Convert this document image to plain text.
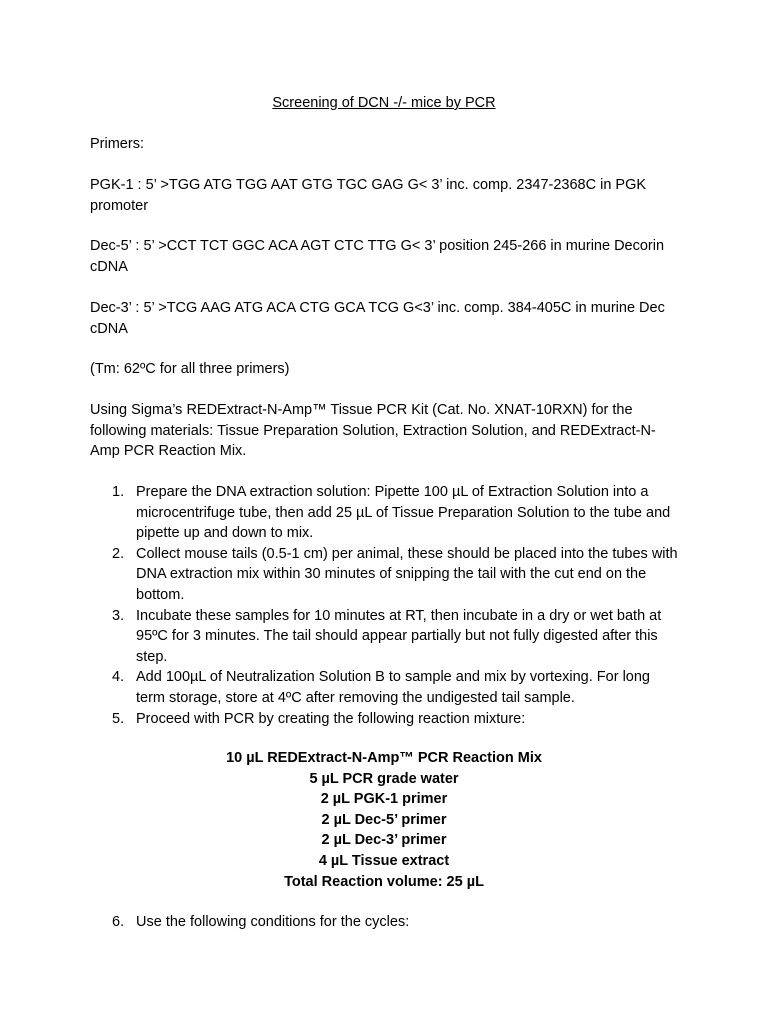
Screening of DCN -/- mice by PCR

Primers:

PGK-1 : 5’ >TGG ATG TGG AAT GTG TGC GAG G< 3’ inc. comp. 2347-2368C in PGK promoter

Dec-5’ : 5’ >CCT TCT GGC ACA AGT CTC TTG G< 3’ position 245-266 in murine Decorin cDNA

Dec-3’ : 5’ >TCG AAG ATG ACA CTG GCA TCG G<3’ inc. comp. 384-405C in murine Dec cDNA

(Tm: 62ºC for all three primers)

Using Sigma’s REDExtract-N-Amp™ Tissue PCR Kit (Cat. No. XNAT-10RXN) for the following materials: Tissue Preparation Solution, Extraction Solution, and REDExtract-N-Amp PCR Reaction Mix.

1. Prepare the DNA extraction solution: Pipette 100 µL of Extraction Solution into a microcentrifuge tube, then add 25 µL of Tissue Preparation Solution to the tube and pipette up and down to mix.
2. Collect mouse tails (0.5-1 cm) per animal, these should be placed into the tubes with DNA extraction mix within 30 minutes of snipping the tail with the cut end on the bottom.
3. Incubate these samples for 10 minutes at RT, then incubate in a dry or wet bath at 95ºC for 3 minutes. The tail should appear partially but not fully digested after this step.
4. Add 100µL of Neutralization Solution B to sample and mix by vortexing. For long term storage, store at 4ºC after removing the undigested tail sample.
5. Proceed with PCR by creating the following reaction mixture:
10 µL REDExtract-N-Amp™ PCR Reaction Mix
5 µL PCR grade water
2 µL PGK-1 primer
2 µL Dec-5’ primer
2 µL Dec-3’ primer
4 µL Tissue extract
Total Reaction volume: 25 µL
6. Use the following conditions for the cycles:
